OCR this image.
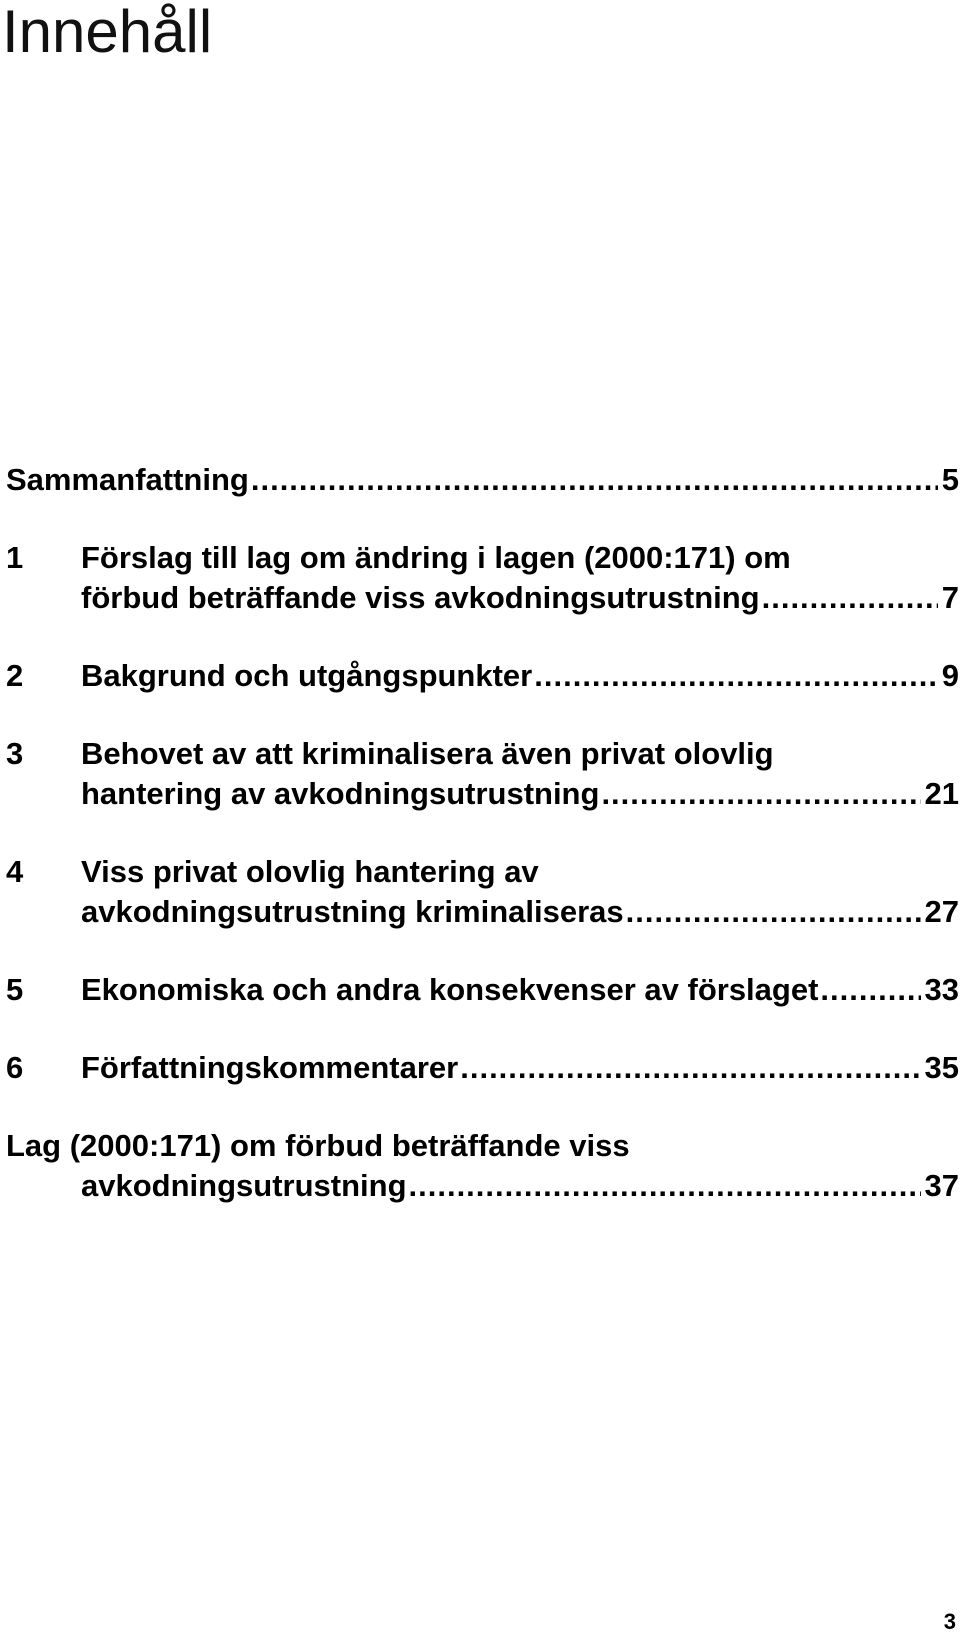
Innehåll
Sammanfattning .....	5
1	Förslag till lag om ändring i lagen (2000:171) om
förbud beträffande viss avkodningsutrustning .....	7
2	Bakgrund och utgångspunkter .....	9
3	Behovet av att kriminalisera även privat olovlig
hantering av avkodningsutrustning .....	21
4	Viss privat olovlig hantering av
avkodningsutrustning kriminaliseras .....	27
5	Ekonomiska och andra konsekvenser av förslaget .....	33
6	Författningskommentarer .....	35
Lag (2000:171) om förbud beträffande viss
avkodningsutrustning .....	37
3
